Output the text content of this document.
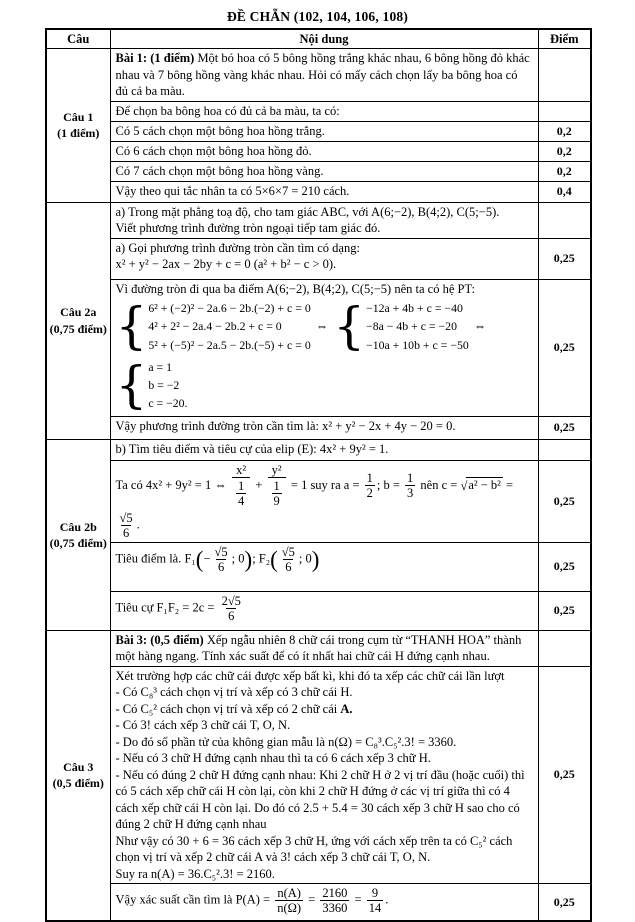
ĐỀ CHẴN (102, 104, 106, 108)
Câu	Nội dung	Điểm

Câu 1
(1 điểm)	Bài 1: (1 điểm) Một bó hoa có 5 bông hồng trắng khác nhau, 6 bông hồng đỏ khác nhau và 7 bông hồng vàng khác nhau. Hỏi có mấy cách chọn lấy ba bông hoa có đủ cả ba màu.	

	Để chọn ba bông hoa có đủ cả ba màu, ta có:	

	Có 5 cách chọn một bông hoa hồng trắng.	0,2

	Có 6 cách chọn một bông hoa hồng đỏ.	0,2

	Có 7 cách chọn một bông hoa hồng vàng.	0,2

	Vậy theo qui tắc nhân ta có 5×6×7 = 210 cách.	0,4

Câu 2a
(0,75 điểm)

a) Trong mặt phẳng toạ độ, cho tam giác ABC, với A(6;−2), B(4;2), C(5;−5).
Viết phương trình đường tròn ngoại tiếp tam giác đó.

	a) Gọi phương trình đường tròn cần tìm có dạng:
x² + y² − 2ax − 2by + c = 0 (a² + b² − c > 0).	0,25

Vì đường tròn đi qua ba điểm A(6;−2), B(4;2), C(5;−5) nên ta có hệ PT:
{ 6² + (−2)² − 2a.6 − 2b.(−2) + c = 0
4² + 2² − 2a.4 − 2b.2 + c = 0
5² + (−5)² − 2a.5 − 2b.(−5) + c = 0
⇔ { −12a + 4b + c = −40
−8a − 4b + c = −20
−10a + 10b + c = −50
⇔
{ a = 1
b = −2
c = −20.
	0,25

	Vậy phương trình đường tròn cần tìm là: x² + y² − 2x + 4y − 20 = 0.	0,25

Câu 2b
(0,75 điểm)	b) Tìm tiêu điểm và tiêu cự của elip (E): 4x² + 9y² = 1.	

Ta có 4x² + 9y² = 1 ⇔ $\frac{\text{x²}}{\frac{1}{4}} + \frac{\text{y²}}{\frac{1}{9}} = 1$ suy ra $a = \frac{1}{2}$ ; $b = \frac{1}{3}$ nên c = √a² − b² =
$\frac{√5}{6}$ .
	0,25

Tiêu điểm là. $F_1(- \frac{√5}{6}$ ; 0); $F_2( \frac{√5}{6}$ ; 0)	0,25

	Tiêu cự $F_1F_2 = 2c = \frac{2√5}{6}$	0,25

Câu 3
(0,5 điểm)	Bài 3: (0,5 điểm) Xếp ngẫu nhiên 8 chữ cái trong cụm từ “THANH HOA” thành một hàng ngang. Tính xác suất để có ít nhất hai chữ cái H đứng cạnh nhau.	

Xét trường hợp các chữ cái được xếp bất kì, khi đó ta xếp các chữ cái lần lượt
- Có C₈³ cách chọn vị trí và xếp có 3 chữ cái H.
- Có C₅² cách chọn vị trí và xếp có 2 chữ cái A.
- Có 3! cách xếp 3 chữ cái T, O, N.
- Do đó số phần tử của không gian mẫu là n(Ω) = C₈³.C₅².3! = 3360.
- Nếu có 3 chữ H đứng cạnh nhau thì ta có 6 cách xếp 3 chữ H.
- Nếu có đúng 2 chữ H đứng cạnh nhau: Khi 2 chữ H ở 2 vị trí đầu (hoặc cuối) thì có 5 cách xếp chữ cái H còn lại, còn khi 2 chữ H đứng ở các vị trí giữa thì có 4 cách xếp chữ cái H còn lại. Do đó có 2.5 + 5.4 = 30 cách xếp 3 chữ H sao cho có đúng 2 chữ H đứng cạnh nhau
Như vậy có 30 + 6 = 36 cách xếp 3 chữ H, ứng với cách xếp trên ta có C₅² cách chọn vị trí và xếp 2 chữ cái A và 3! cách xếp 3 chữ cái T, O, N.
Suy ra n(A) = 36.C₅².3! = 2160.
	0,25

Vậy xác suất cần tìm là $P(A) = \frac{n(A)}{n(\Omega)} = \frac{2160}{3360} = \frac{9}{14}$ .	0,25
